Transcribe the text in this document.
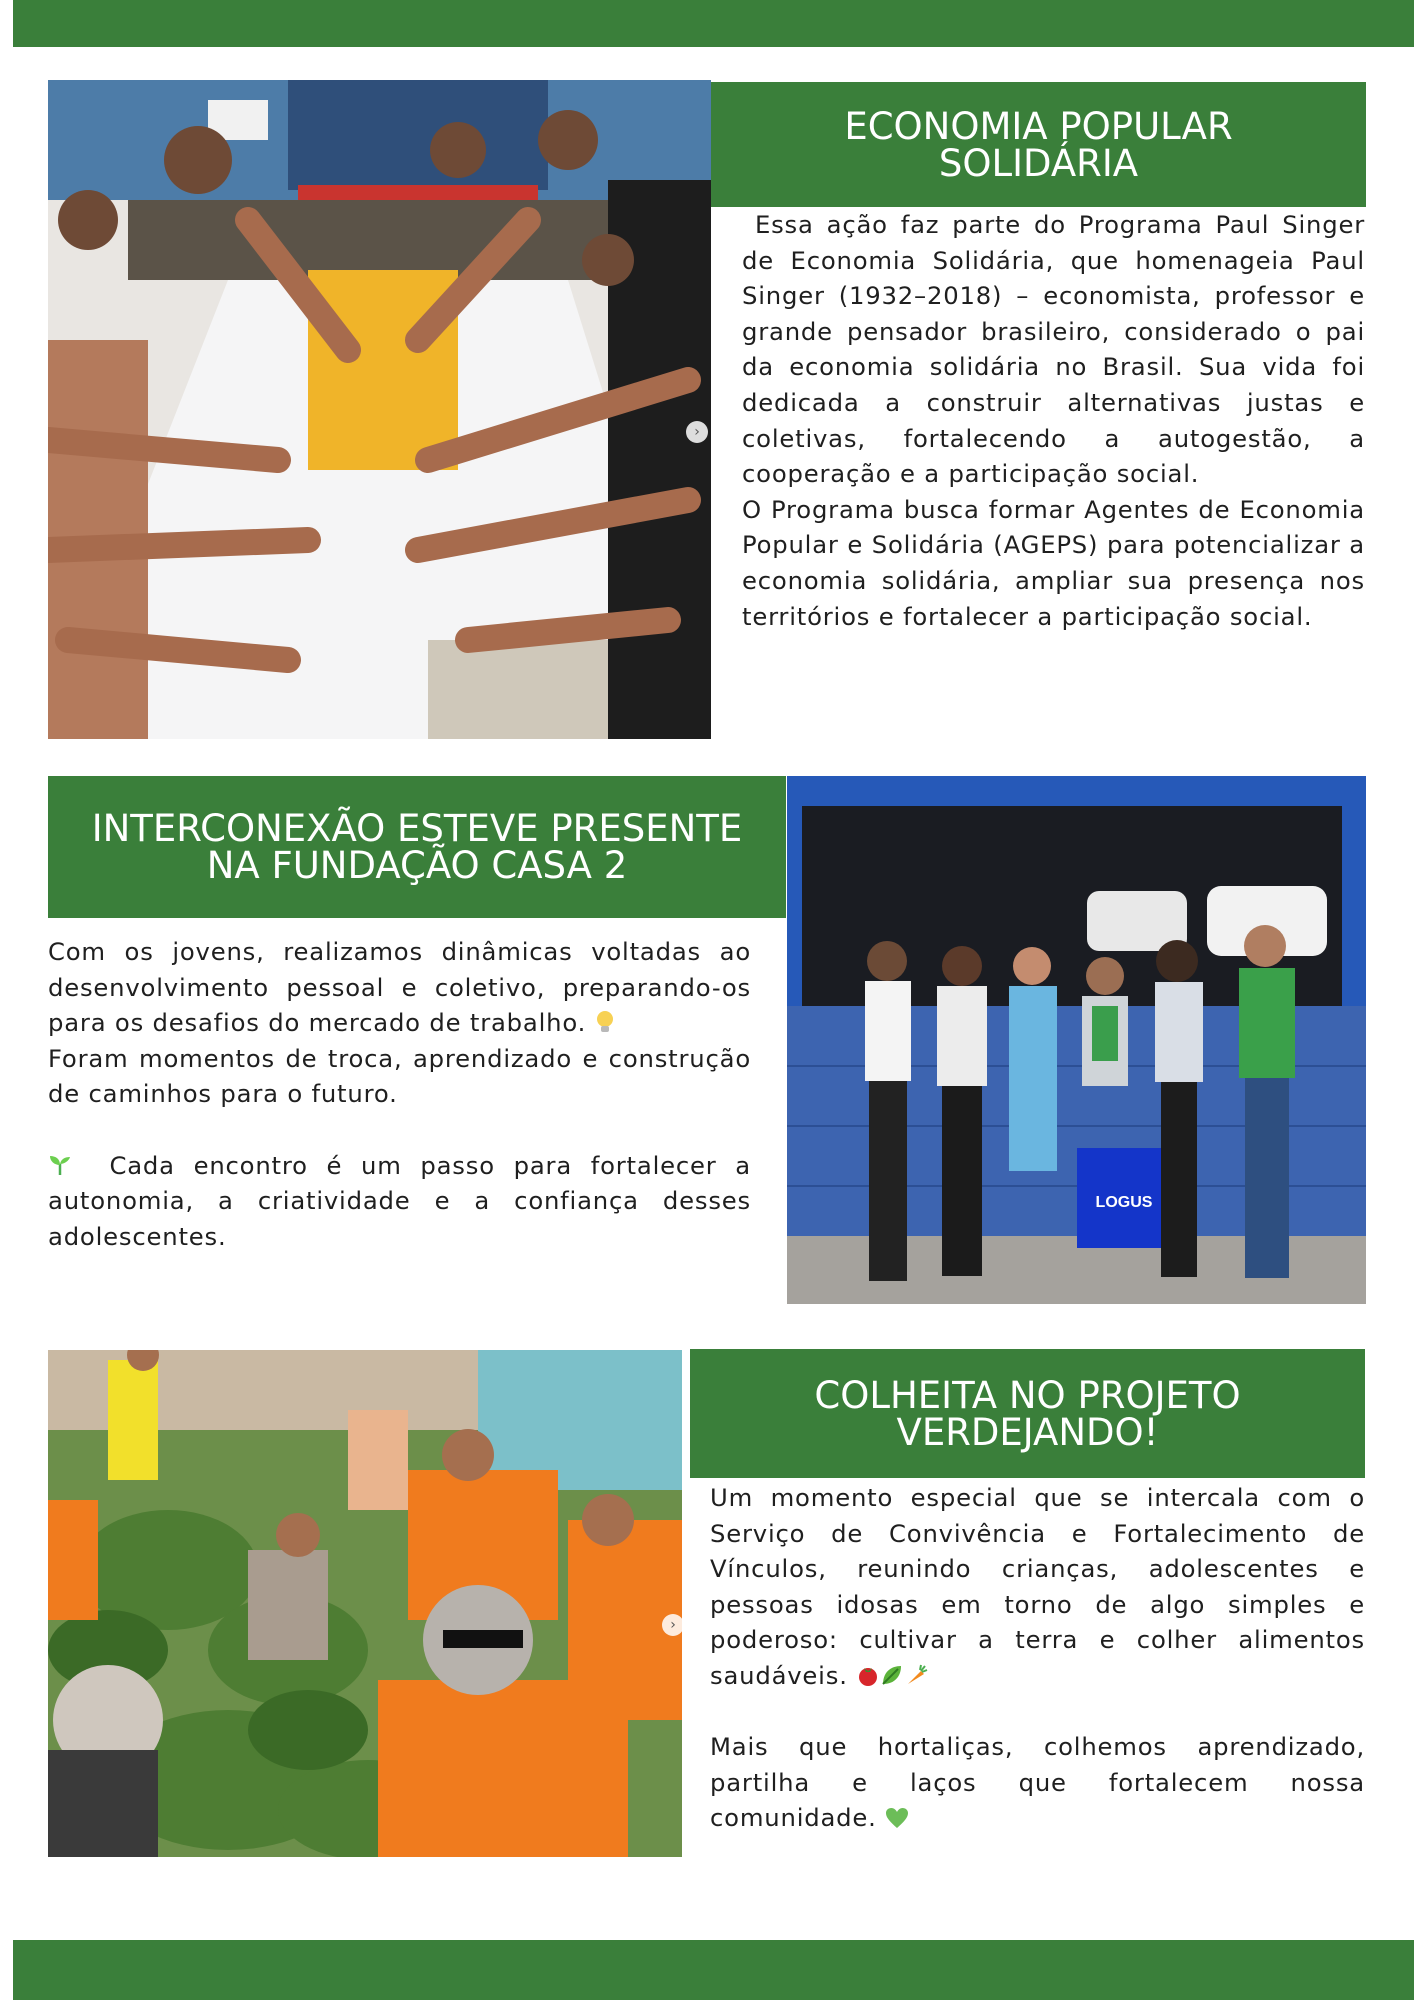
›
ECONOMIA POPULAR
SOLIDÁRIA

Essa ação faz parte do Programa Paul Singer de Economia Solidária, que homenageia Paul Singer (1932–2018) – economista, professor e grande pensador brasileiro, considerado o pai da economia solidária no Brasil. Sua vida foi dedicada a construir alternativas justas e coletivas, fortalecendo a autogestão, a cooperação e a participação social.

O Programa busca formar Agentes de Economia Popular e Solidária (AGEPS) para potencializar a economia solidária, ampliar sua presença nos territórios e fortalecer a participação social.

INTERCONEXÃO ESTEVE PRESENTE
NA FUNDAÇÃO CASA 2

Com os jovens, realizamos dinâmicas voltadas ao desenvolvimento pessoal e coletivo, preparando-os para os desafios do mercado de trabalho.

Foram momentos de troca, aprendizado e construção de caminhos para o futuro.

Cada encontro é um passo para fortalecer a autonomia, a criatividade e a confiança desses adolescentes.

LOGUS
›
COLHEITA NO PROJETO
VERDEJANDO!

Um momento especial que se intercala com o Serviço de Convivência e Fortalecimento de Vínculos, reunindo crianças, adolescentes e pessoas idosas em torno de algo simples e poderoso: cultivar a terra e colher alimentos saudáveis.

Mais que hortaliças, colhemos aprendizado, partilha e laços que fortalecem nossa comunidade.
